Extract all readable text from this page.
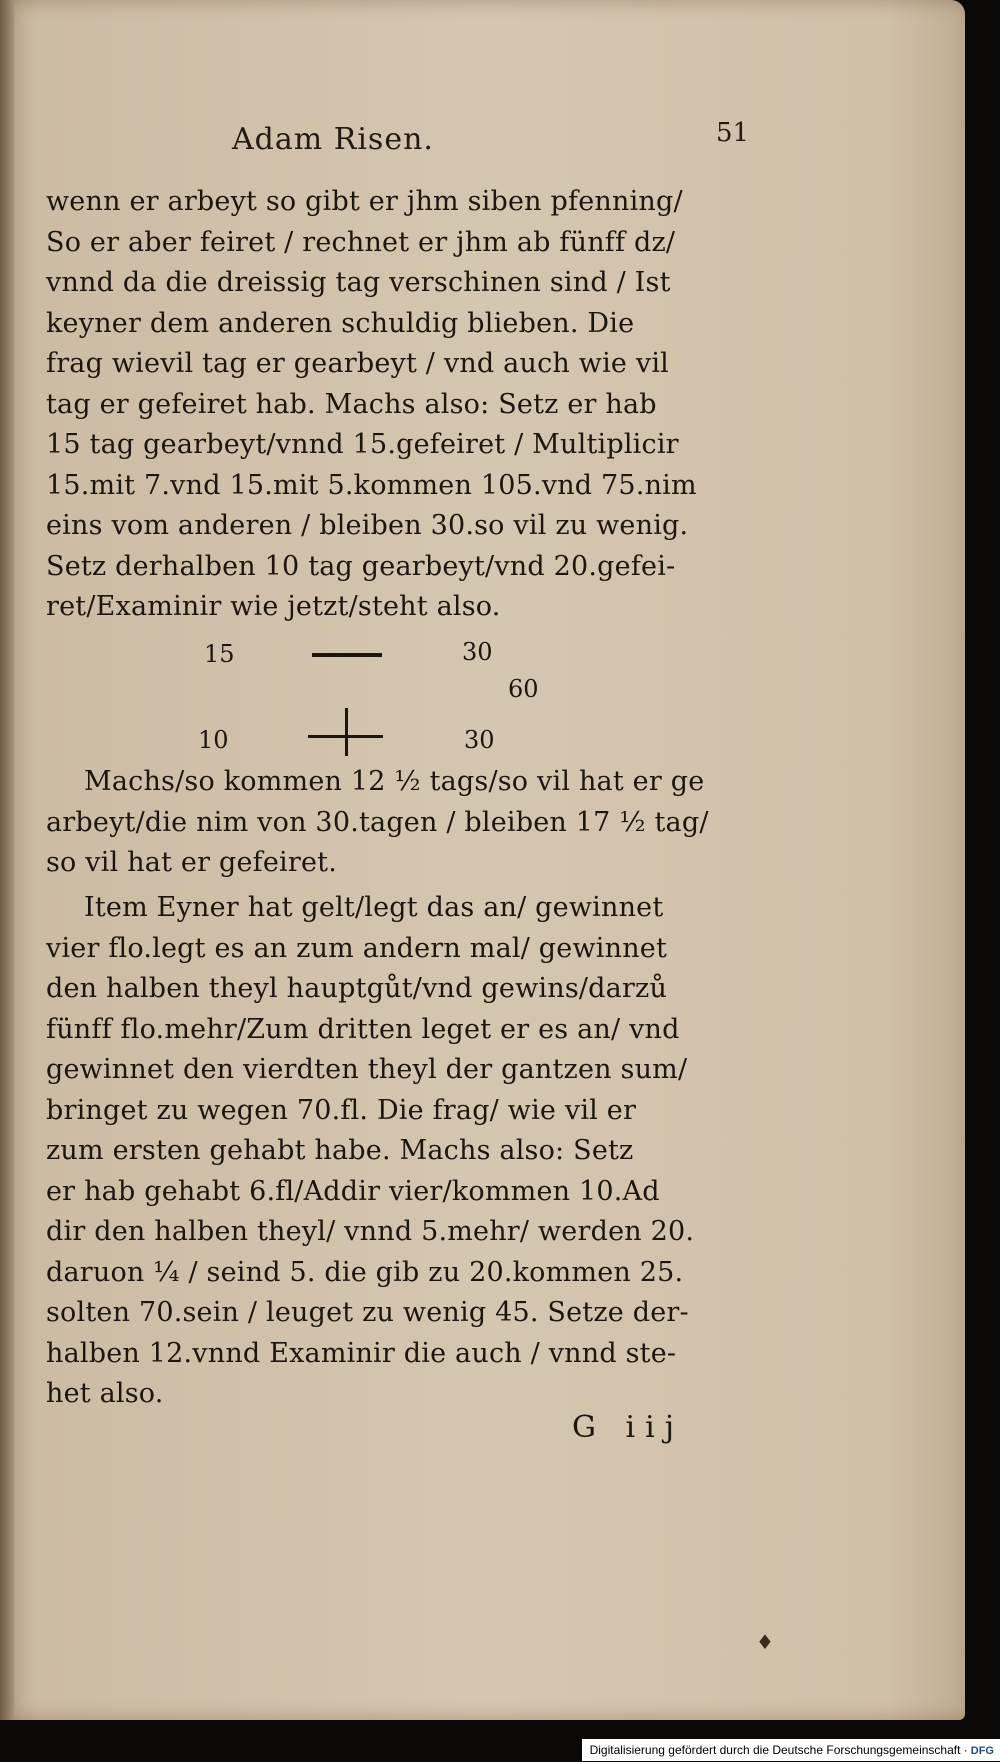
Adam Risen.	51
wenn er arbeyt so gibt er jhm siben pfenning/
So er aber feiret / rechnet er jhm ab fünff dz/
vnnd da die dreissig tag verschinen sind / Ist
keyner dem anderen schuldig blieben. Die
frag wievil tag er gearbeyt / vnd auch wie vil
tag er gefeiret hab. Machs also: Setz er hab
15 tag gearbeyt/vnnd 15.gefeiret / Multiplicir
15.mit 7.vnd 15.mit 5.kommen 105.vnd 75.nim
eins vom anderen / bleiben 30.so vil zu wenig.
Setz derhalben 10 tag gearbeyt/vnd 20.gefei-
ret/Examinir wie jetzt/steht also.
15	30
60
10	30
Machs/so kommen 12 ½ tags/so vil hat er ge
arbeyt/die nim von 30.tagen / bleiben 17 ½ tag/
so vil hat er gefeiret.
Item Eyner hat gelt/legt das an/ gewinnet
vier flo.legt es an zum andern mal/ gewinnet
den halben theyl hauptgůt/vnd gewins/darzů
fünff flo.mehr/Zum dritten leget er es an/ vnd
gewinnet den vierdten theyl der gantzen sum/
bringet zu wegen 70.fl. Die frag/ wie vil er
zum ersten gehabt habe. Machs also: Setz
er hab gehabt 6.fl/Addir vier/kommen 10.Ad
dir den halben theyl/ vnnd 5.mehr/ werden 20.
daruon ¼ / seind 5. die gib zu 20.kommen 25.
solten 70.sein / leuget zu wenig 45. Setze der-
halben 12.vnnd Examinir die auch / vnnd ste-
het also.
G iij
♦
Digitalisierung gefördert durch die Deutsche Forschungsgemeinschaft · DFG
